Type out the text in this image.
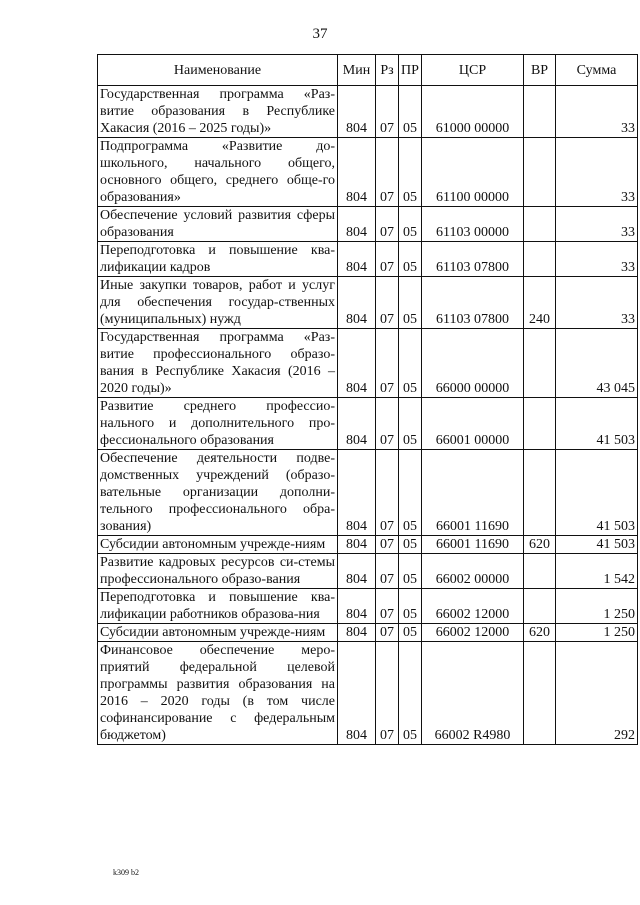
37
Наименование	Мин	Рз	ПР	ЦСР	ВР	Сумма
Государственная программа «Раз-витие образования в Республике Хакасия (2016 – 2025 годы)»	804	07	05	61000 00000		33
Подпрограмма «Развитие до-школьного, начального общего, основного общего, среднего обще-го образования»	804	07	05	61100 00000		33
Обеспечение условий развития сферы образования	804	07	05	61103 00000		33
Переподготовка и повышение ква-лификации кадров	804	07	05	61103 07800		33
Иные закупки товаров, работ и услуг для обеспечения государ-ственных (муниципальных) нужд	804	07	05	61103 07800	240	33
Государственная программа «Раз-витие профессионального образо-вания в Республике Хакасия (2016 – 2020 годы)»	804	07	05	66000 00000		43 045
Развитие среднего профессио-нального и дополнительного про-фессионального образования	804	07	05	66001 00000		41 503
Обеспечение деятельности подве-домственных учреждений (образо-вательные организации дополни-тельного профессионального обра-зования)	804	07	05	66001 11690		41 503
Субсидии автономным учрежде-ниям	804	07	05	66001 11690	620	41 503
Развитие кадровых ресурсов си-стемы профессионального образо-вания	804	07	05	66002 00000		1 542
Переподготовка и повышение ква-лификации работников образова-ния	804	07	05	66002 12000		1 250
Субсидии автономным учрежде-ниям	804	07	05	66002 12000	620	1 250
Финансовое обеспечение меро-приятий федеральной целевой программы развития образования на 2016 – 2020 годы (в том числе софинансирование с федеральным бюджетом)	804	07	05	66002 R4980		292
k309 b2
